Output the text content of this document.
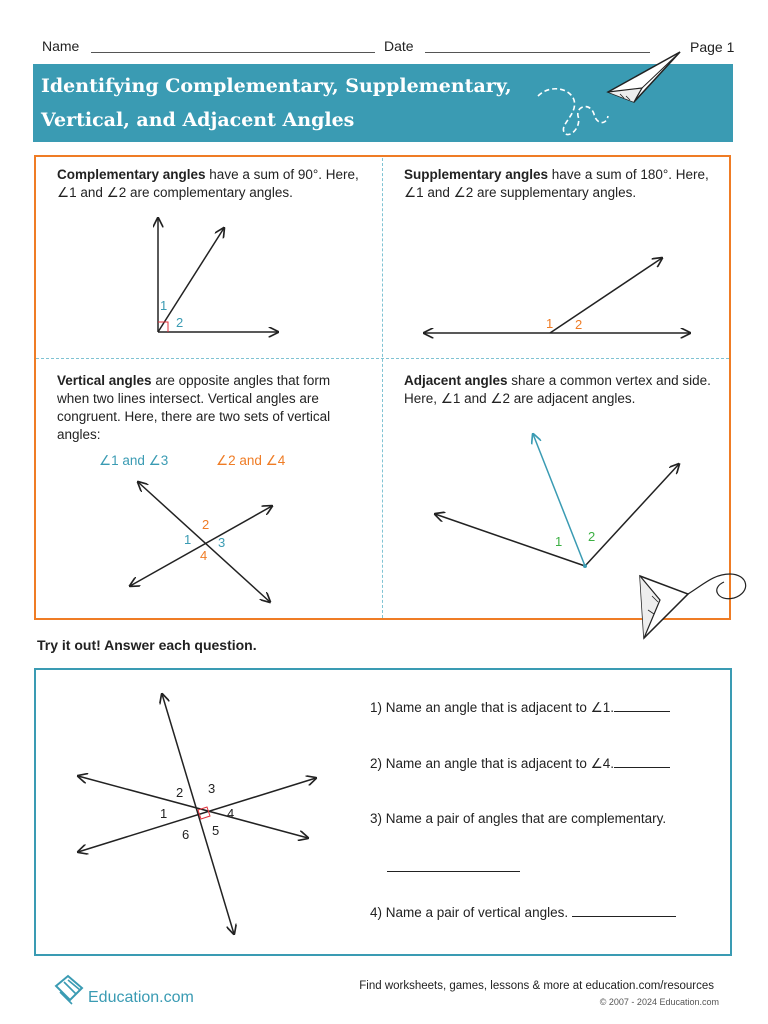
Name	Date	Page 1
Identifying Complementary, Supplementary,
Vertical, and Adjacent Angles
Complementary angles have a sum of 90°. Here, ∠1 and ∠2 are complementary angles.
1
2
Supplementary angles have a sum of 180°. Here, ∠1 and ∠2 are supplementary angles.
1 2
Vertical angles are opposite angles that form when two lines intersect. Vertical angles are congruent. Here, there are two sets of vertical angles:
∠1 and ∠3	∠2 and ∠4
2
1 3
4
Adjacent angles share a common vertex and side. Here, ∠1 and ∠2 are adjacent angles.
1 2
Try it out! Answer each question.
2 3
1	4
6 5
1) Name an angle that is adjacent to ∠1.
2) Name an angle that is adjacent to ∠4.
3) Name a pair of angles that are complementary.
4) Name a pair of vertical angles.
Education.com
Find worksheets, games, lessons & more at education.com/resources
© 2007 - 2024 Education.com
